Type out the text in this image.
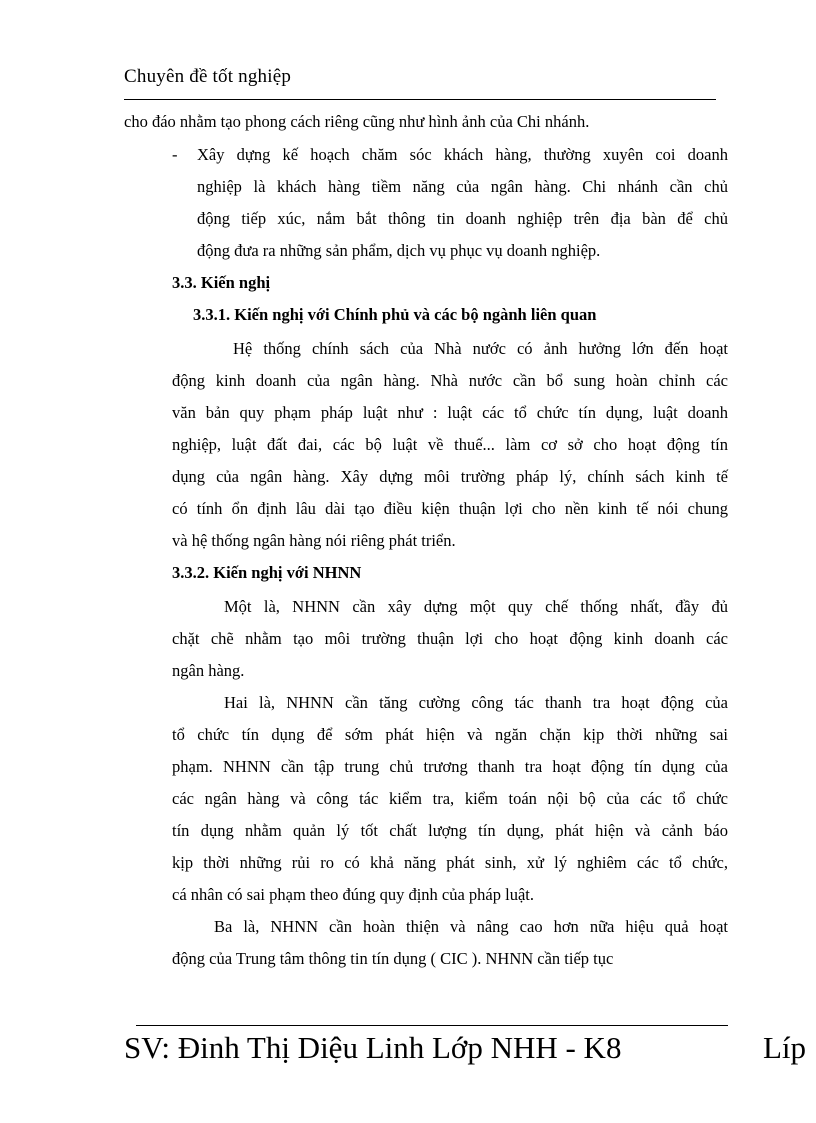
Chuyên đề tốt nghiệp
cho đáo nhằm tạo phong cách riêng cũng như hình ảnh của Chi nhánh.
- Xây dựng kế hoạch chăm sóc khách hàng, thường xuyên coi doanh
nghiệp là khách hàng tiềm năng của ngân hàng. Chi nhánh cần chủ
động tiếp xúc, nắm bắt thông tin doanh nghiệp trên địa bàn để chủ
động đưa ra những sản phẩm, dịch vụ phục vụ doanh nghiệp.
3.3. Kiến nghị
3.3.1. Kiến nghị với Chính phủ và các bộ ngành liên quan
Hệ thống chính sách của Nhà nước có ảnh hưởng lớn đến hoạt
động kinh doanh của ngân hàng. Nhà nước cần bổ sung hoàn chỉnh các
văn bản quy phạm pháp luật như : luật các tổ chức tín dụng, luật doanh
nghiệp, luật đất đai, các bộ luật về thuế... làm cơ sở cho hoạt động tín
dụng của ngân hàng. Xây dựng môi trường pháp lý, chính sách kinh tế
có tính ổn định lâu dài tạo điều kiện thuận lợi cho nền kinh tế nói chung
và hệ thống ngân hàng nói riêng phát triển.
3.3.2. Kiến nghị với NHNN
Một là, NHNN cần xây dựng một quy chế thống nhất, đầy đủ
chặt chẽ nhằm tạo môi trường thuận lợi cho hoạt động kinh doanh các
ngân hàng.
Hai là, NHNN cần tăng cường công tác thanh tra hoạt động của
tổ chức tín dụng để sớm phát hiện và ngăn chặn kịp thời những sai
phạm. NHNN cần tập trung chủ trương thanh tra hoạt động tín dụng của
các ngân hàng và công tác kiểm tra, kiểm toán nội bộ của các tổ chức
tín dụng nhằm quản lý tốt chất lượng tín dụng, phát hiện và cảnh báo
kịp thời những rủi ro có khả năng phát sinh, xử lý nghiêm các tổ chức,
cá nhân có sai phạm theo đúng quy định của pháp luật.
Ba là, NHNN cần hoàn thiện và nâng cao hơn nữa hiệu quả hoạt
động của Trung tâm thông tin tín dụng ( CIC ). NHNN cần tiếp tục
SV: Đinh Thị Diệu Linh Lớp NHH - K8	Líp
